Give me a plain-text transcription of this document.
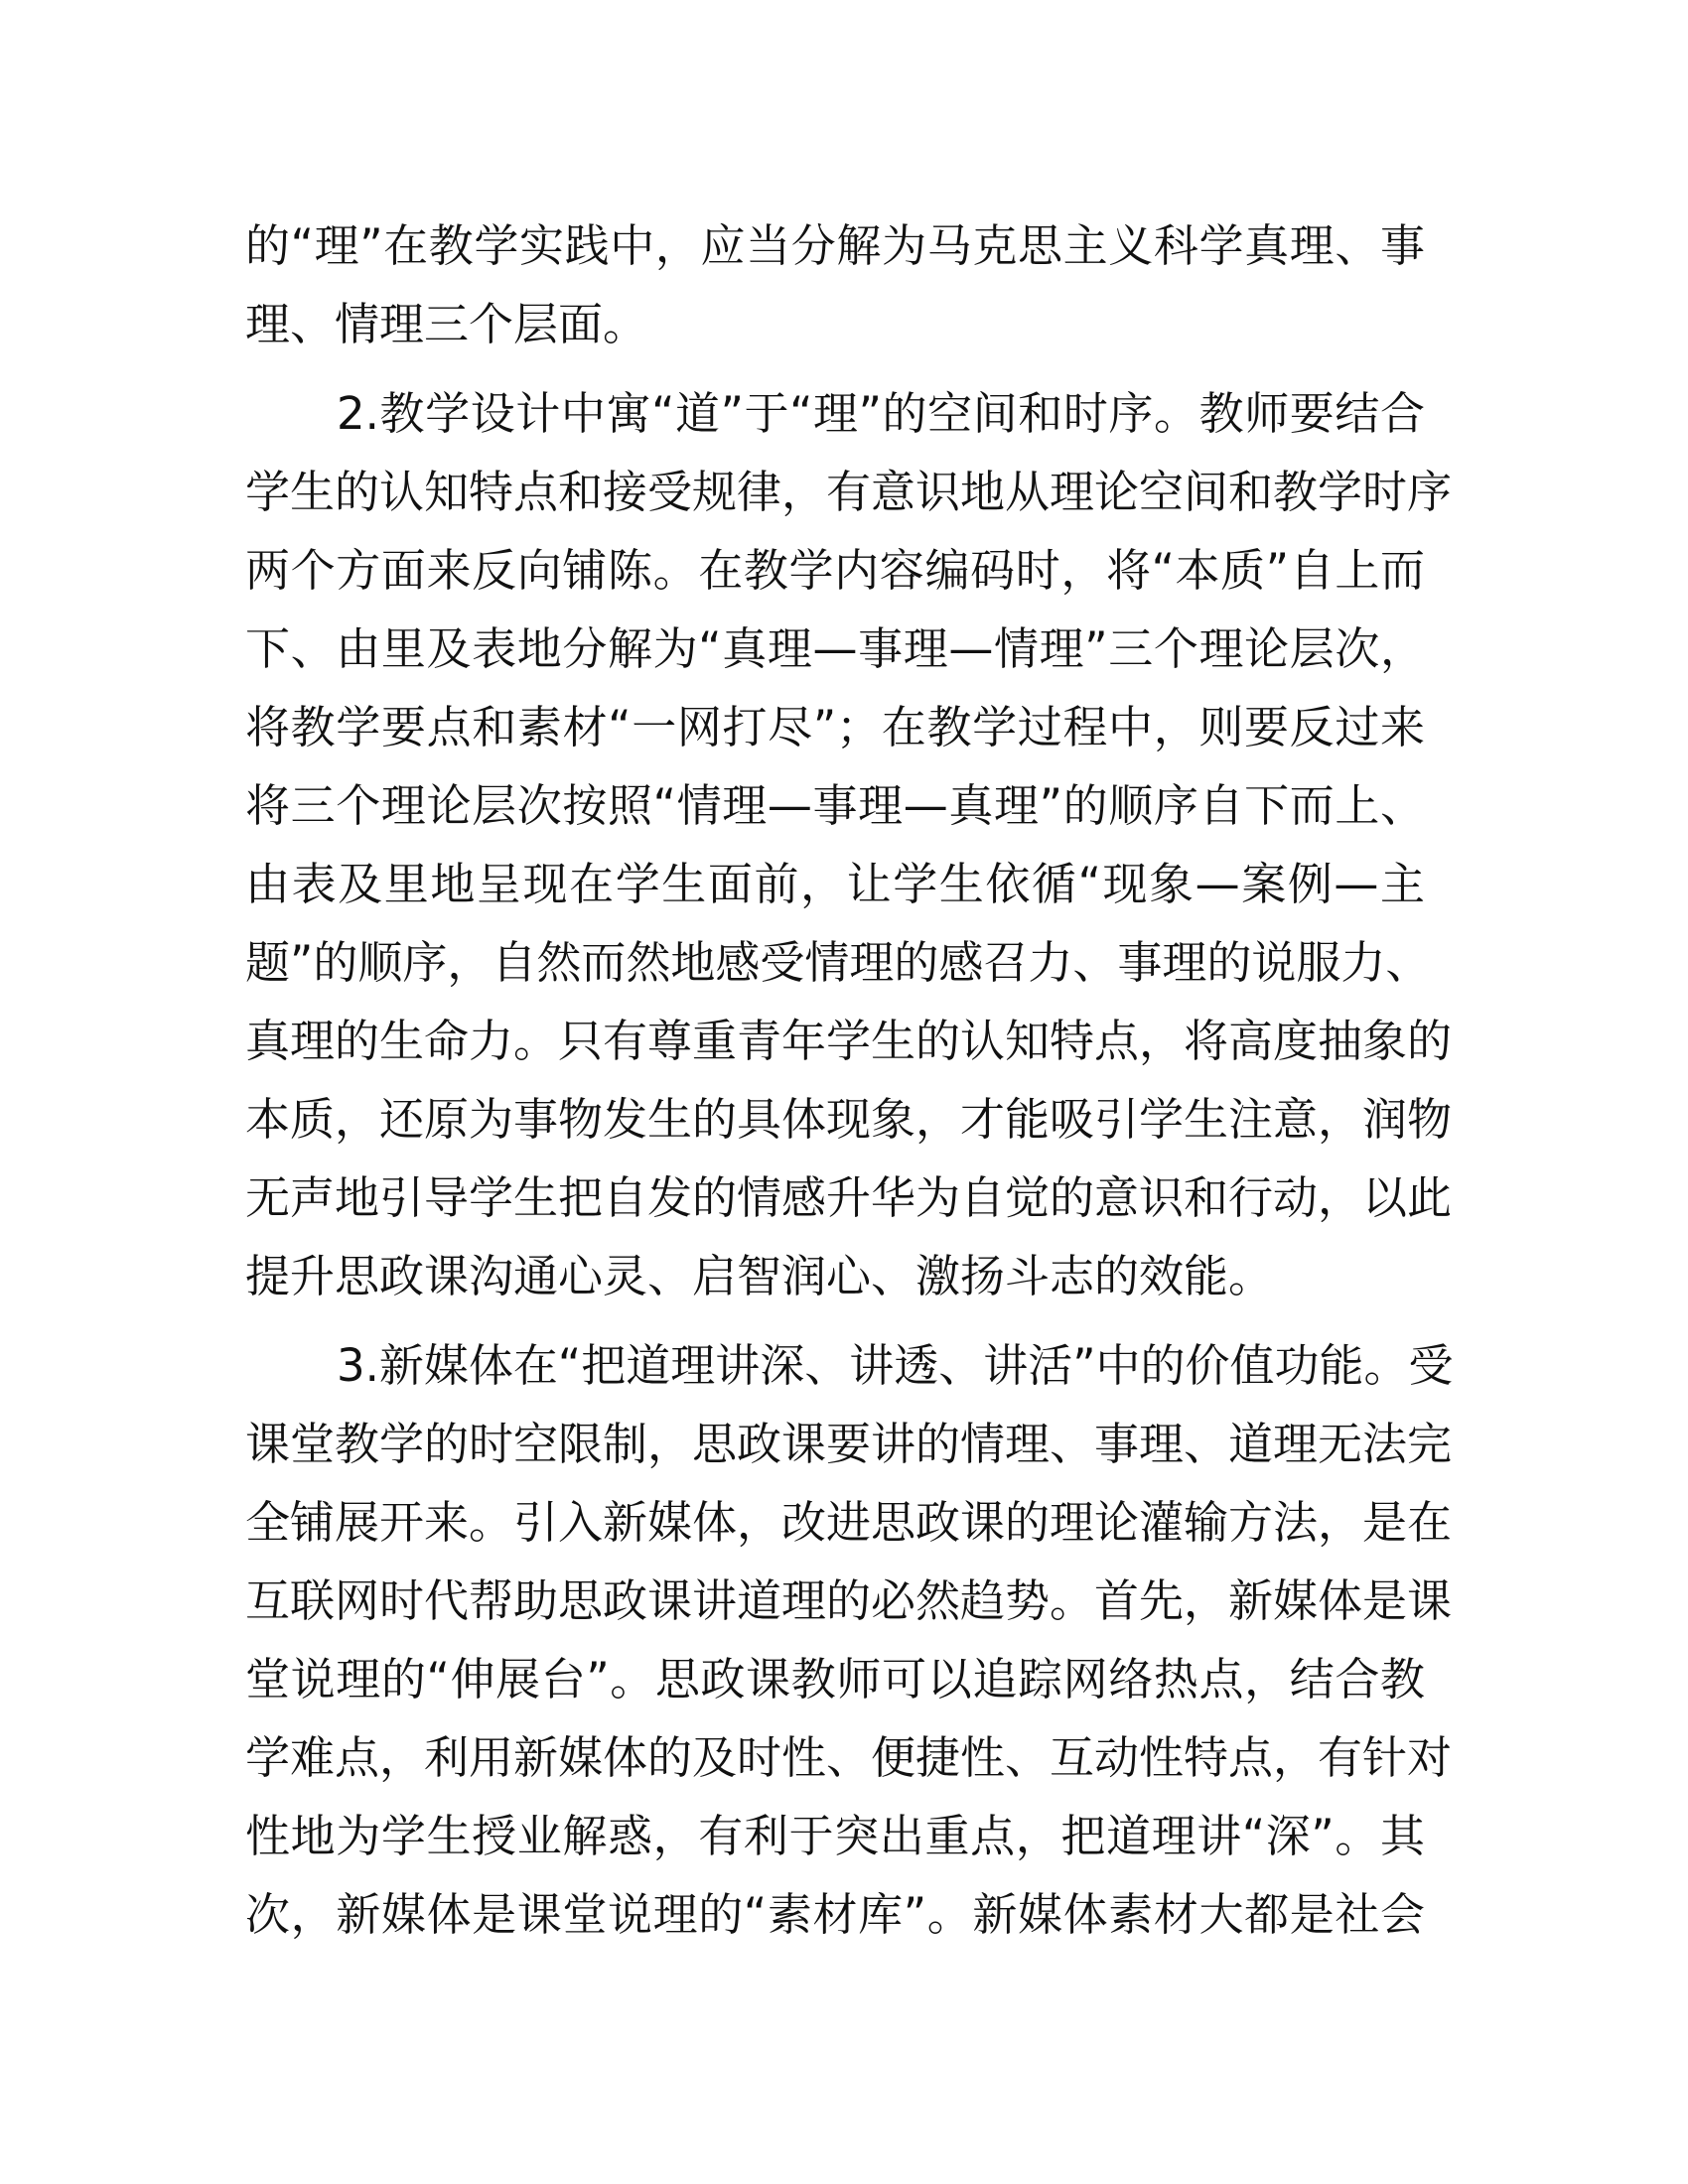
的“理”在教学实践中，应当分解为马克思主义科学真理、事
理、情理三个层面。
2.教学设计中寓“道”于“理”的空间和时序。教师要结合
学生的认知特点和接受规律，有意识地从理论空间和教学时序
两个方面来反向铺陈。在教学内容编码时，将“本质”自上而
下、由里及表地分解为“真理—事理—情理”三个理论层次，
将教学要点和素材“一网打尽”；在教学过程中，则要反过来
将三个理论层次按照“情理—事理—真理”的顺序自下而上、
由表及里地呈现在学生面前，让学生依循“现象—案例—主
题”的顺序，自然而然地感受情理的感召力、事理的说服力、
真理的生命力。只有尊重青年学生的认知特点，将高度抽象的
本质，还原为事物发生的具体现象，才能吸引学生注意，润物
无声地引导学生把自发的情感升华为自觉的意识和行动，以此
提升思政课沟通心灵、启智润心、激扬斗志的效能。
3.新媒体在“把道理讲深、讲透、讲活”中的价值功能。受
课堂教学的时空限制，思政课要讲的情理、事理、道理无法完
全铺展开来。引入新媒体，改进思政课的理论灌输方法，是在
互联网时代帮助思政课讲道理的必然趋势。首先，新媒体是课
堂说理的“伸展台”。思政课教师可以追踪网络热点，结合教
学难点，利用新媒体的及时性、便捷性、互动性特点，有针对
性地为学生授业解惑，有利于突出重点，把道理讲“深”。其
次，新媒体是课堂说理的“素材库”。新媒体素材大都是社会
